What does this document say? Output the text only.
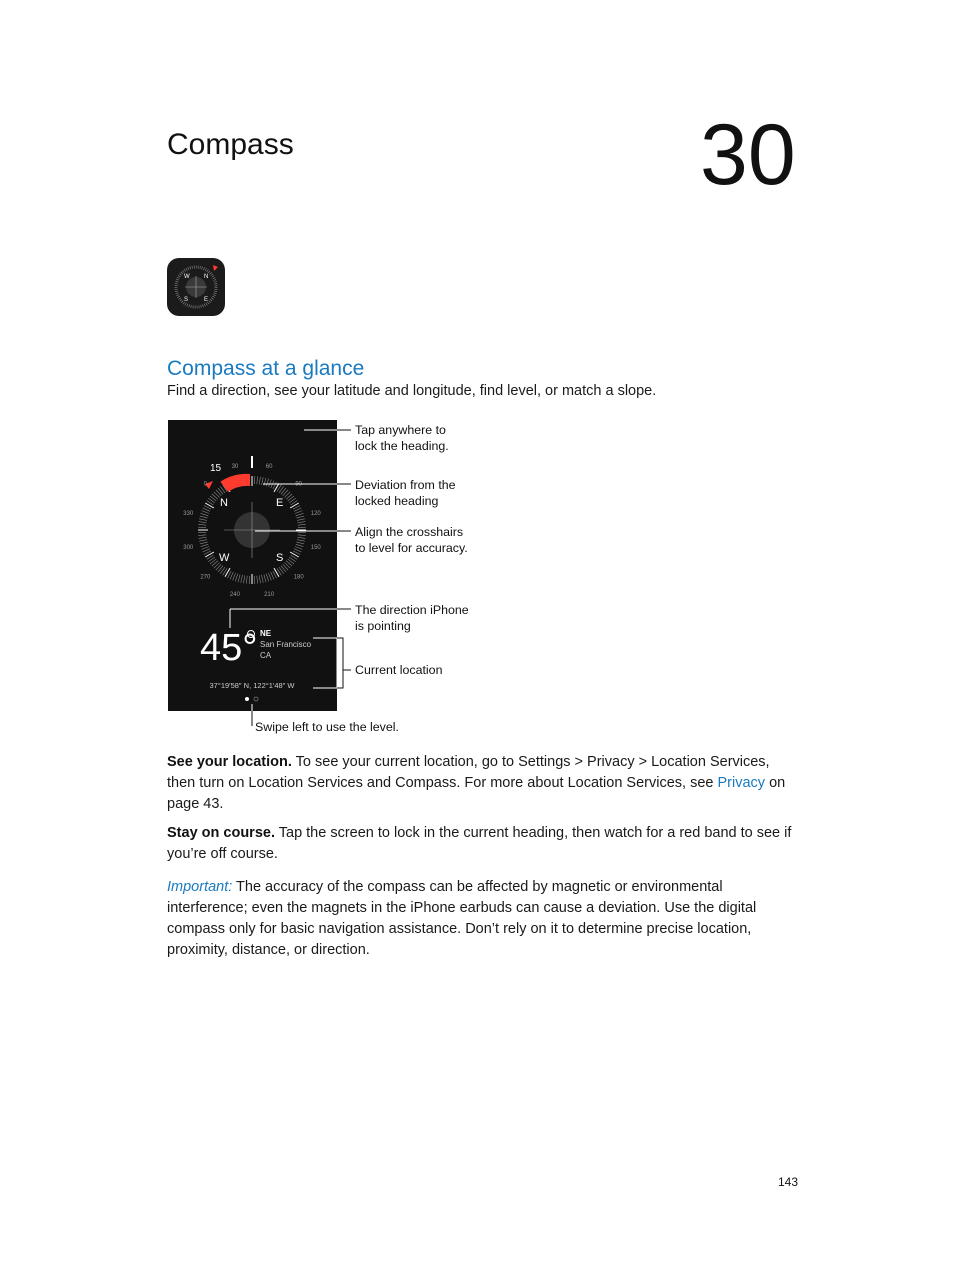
Compass	30
W N
S	E
Compass at a glance
Find a direction, see your latitude and longitude, find level, or match a slope.
15
0
30	60
90
120
150
180
210
240
270
300
330
N	E
W	S
45° NE
San Francisco
CA
37°19′58″ N, 122°1′48″ W
Tap anywhere to
lock the heading.
Deviation from the
locked heading
Align the crosshairs
to level for accuracy.
The direction iPhone
is pointing
Current location
Swipe left to use the level.

See your location. To see your current location, go to Settings > Privacy > Location Services, then turn on Location Services and Compass. For more about Location Services, see Privacy on page 43.

Stay on course. Tap the screen to lock in the current heading, then watch for a red band to see if you’re off course.

Important: The accuracy of the compass can be affected by magnetic or environmental interference; even the magnets in the iPhone earbuds can cause a deviation. Use the digital compass only for basic navigation assistance. Don’t rely on it to determine precise location, proximity, distance, or direction.

143
